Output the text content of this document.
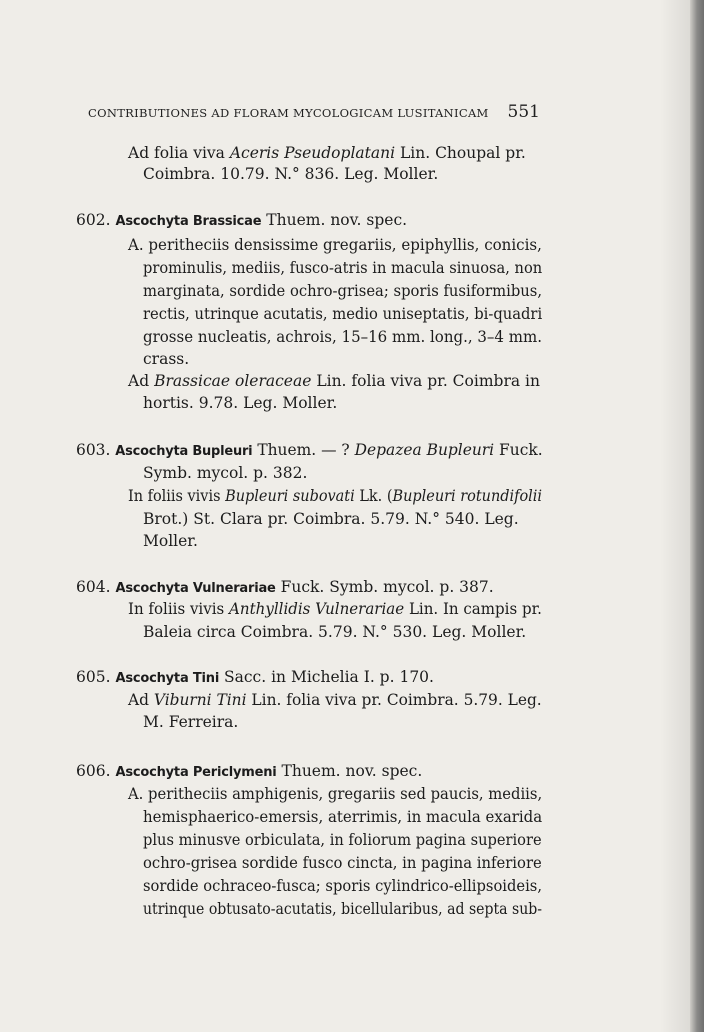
CONTRIBUTIONES AD FLORAM MYCOLOGICAM LUSITANICAM 551
Ad folia viva Aceris Pseudoplatani Lin. Choupal pr.
Coimbra. 10.79. N.° 836. Leg. Moller.
602. Ascochyta Brassicae Thuem. nov. spec.
A. peritheciis densissime gregariis, epiphyllis, conicis,
prominulis, mediis, fusco-atris in macula sinuosa, non
marginata, sordide ochro-grisea; sporis fusiformibus,
rectis, utrinque acutatis, medio uniseptatis, bi-quadri
grosse nucleatis, achrois, 15–16 mm. long., 3–4 mm.
crass.
Ad Brassicae oleraceae Lin. folia viva pr. Coimbra in
hortis. 9.78. Leg. Moller.
603. Ascochyta Bupleuri Thuem. — ? Depazea Bupleuri Fuck.
Symb. mycol. p. 382.
In foliis vivis Bupleuri subovati Lk. (Bupleuri rotundifolii
Brot.) St. Clara pr. Coimbra. 5.79. N.° 540. Leg.
Moller.
604. Ascochyta Vulnerariae Fuck. Symb. mycol. p. 387.
In foliis vivis Anthyllidis Vulnerariae Lin. In campis pr.
Baleia circa Coimbra. 5.79. N.° 530. Leg. Moller.
605. Ascochyta Tini Sacc. in Michelia I. p. 170.
Ad Viburni Tini Lin. folia viva pr. Coimbra. 5.79. Leg.
M. Ferreira.
606. Ascochyta Periclymeni Thuem. nov. spec.
A. peritheciis amphigenis, gregariis sed paucis, mediis,
hemisphaerico-emersis, aterrimis, in macula exarida
plus minusve orbiculata, in foliorum pagina superiore
ochro-grisea sordide fusco cincta, in pagina inferiore
sordide ochraceo-fusca; sporis cylindrico-ellipsoideis,
utrinque obtusato-acutatis, bicellularibus, ad septa sub-
